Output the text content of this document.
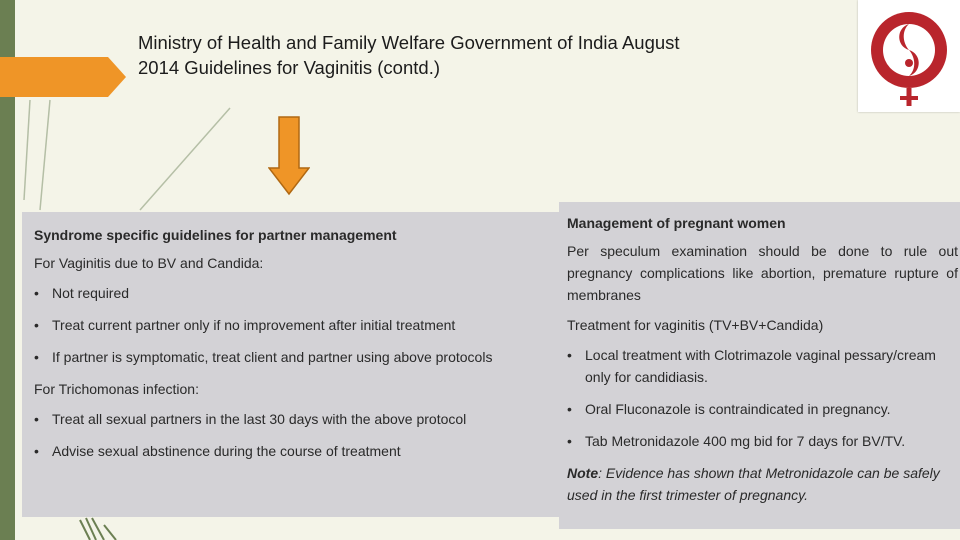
Ministry of Health and Family Welfare Government of India August
2014 Guidelines for Vaginitis (contd.)
Syndrome specific guidelines for partner management

For Vaginitis due to BV and Candida:

• Not required
• Treat current partner only if no improvement after initial treatment
• If partner is symptomatic, treat client and partner using above protocols

For Trichomonas infection:

• Treat all sexual partners in the last 30 days with the above protocol
• Advise sexual abstinence during the course of treatment
Management of pregnant women

Per speculum examination should be done to rule out pregnancy complications like abortion, premature rupture of membranes

Treatment for vaginitis (TV+BV+Candida)

• Local treatment with Clotrimazole vaginal pessary/cream only for candidiasis.
• Oral Fluconazole is contraindicated in pregnancy.
• Tab Metronidazole 400 mg bid for 7 days for BV/TV.

Note: Evidence has shown that Metronidazole can be safely used in the first trimester of pregnancy.
